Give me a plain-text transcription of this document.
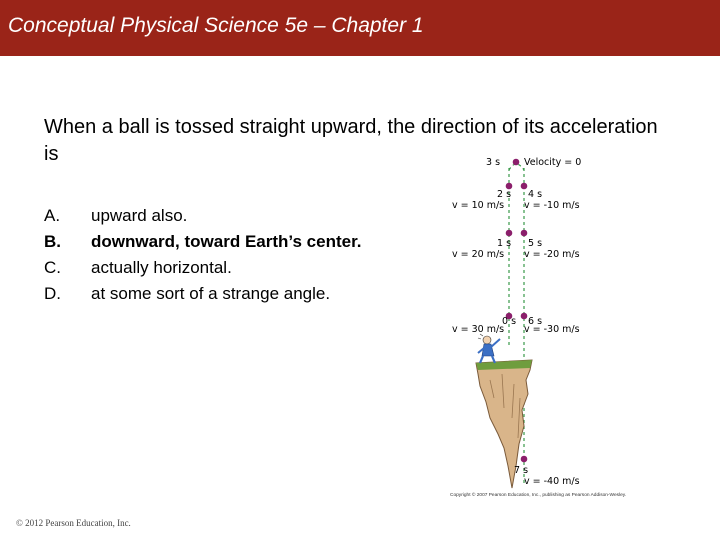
Conceptual Physical Science 5e – Chapter 1
When a ball is tossed straight upward, the direction of its acceleration is
A. upward also.
B. downward, toward Earth’s center.
C. actually horizontal.
D. at some sort of a strange angle.
3 s	Velocity = 0
2 s 4 s
v = 10 m/s v = -10 m/s
1 s 5 s
v = 20 m/s v = -20 m/s
0 s 6 s
v = 30 m/s v = -30 m/s
7 s
v = -40 m/s
Copyright © 2007 Pearson Education, Inc., publishing as Pearson Addison-Wesley.
© 2012 Pearson Education, Inc.
